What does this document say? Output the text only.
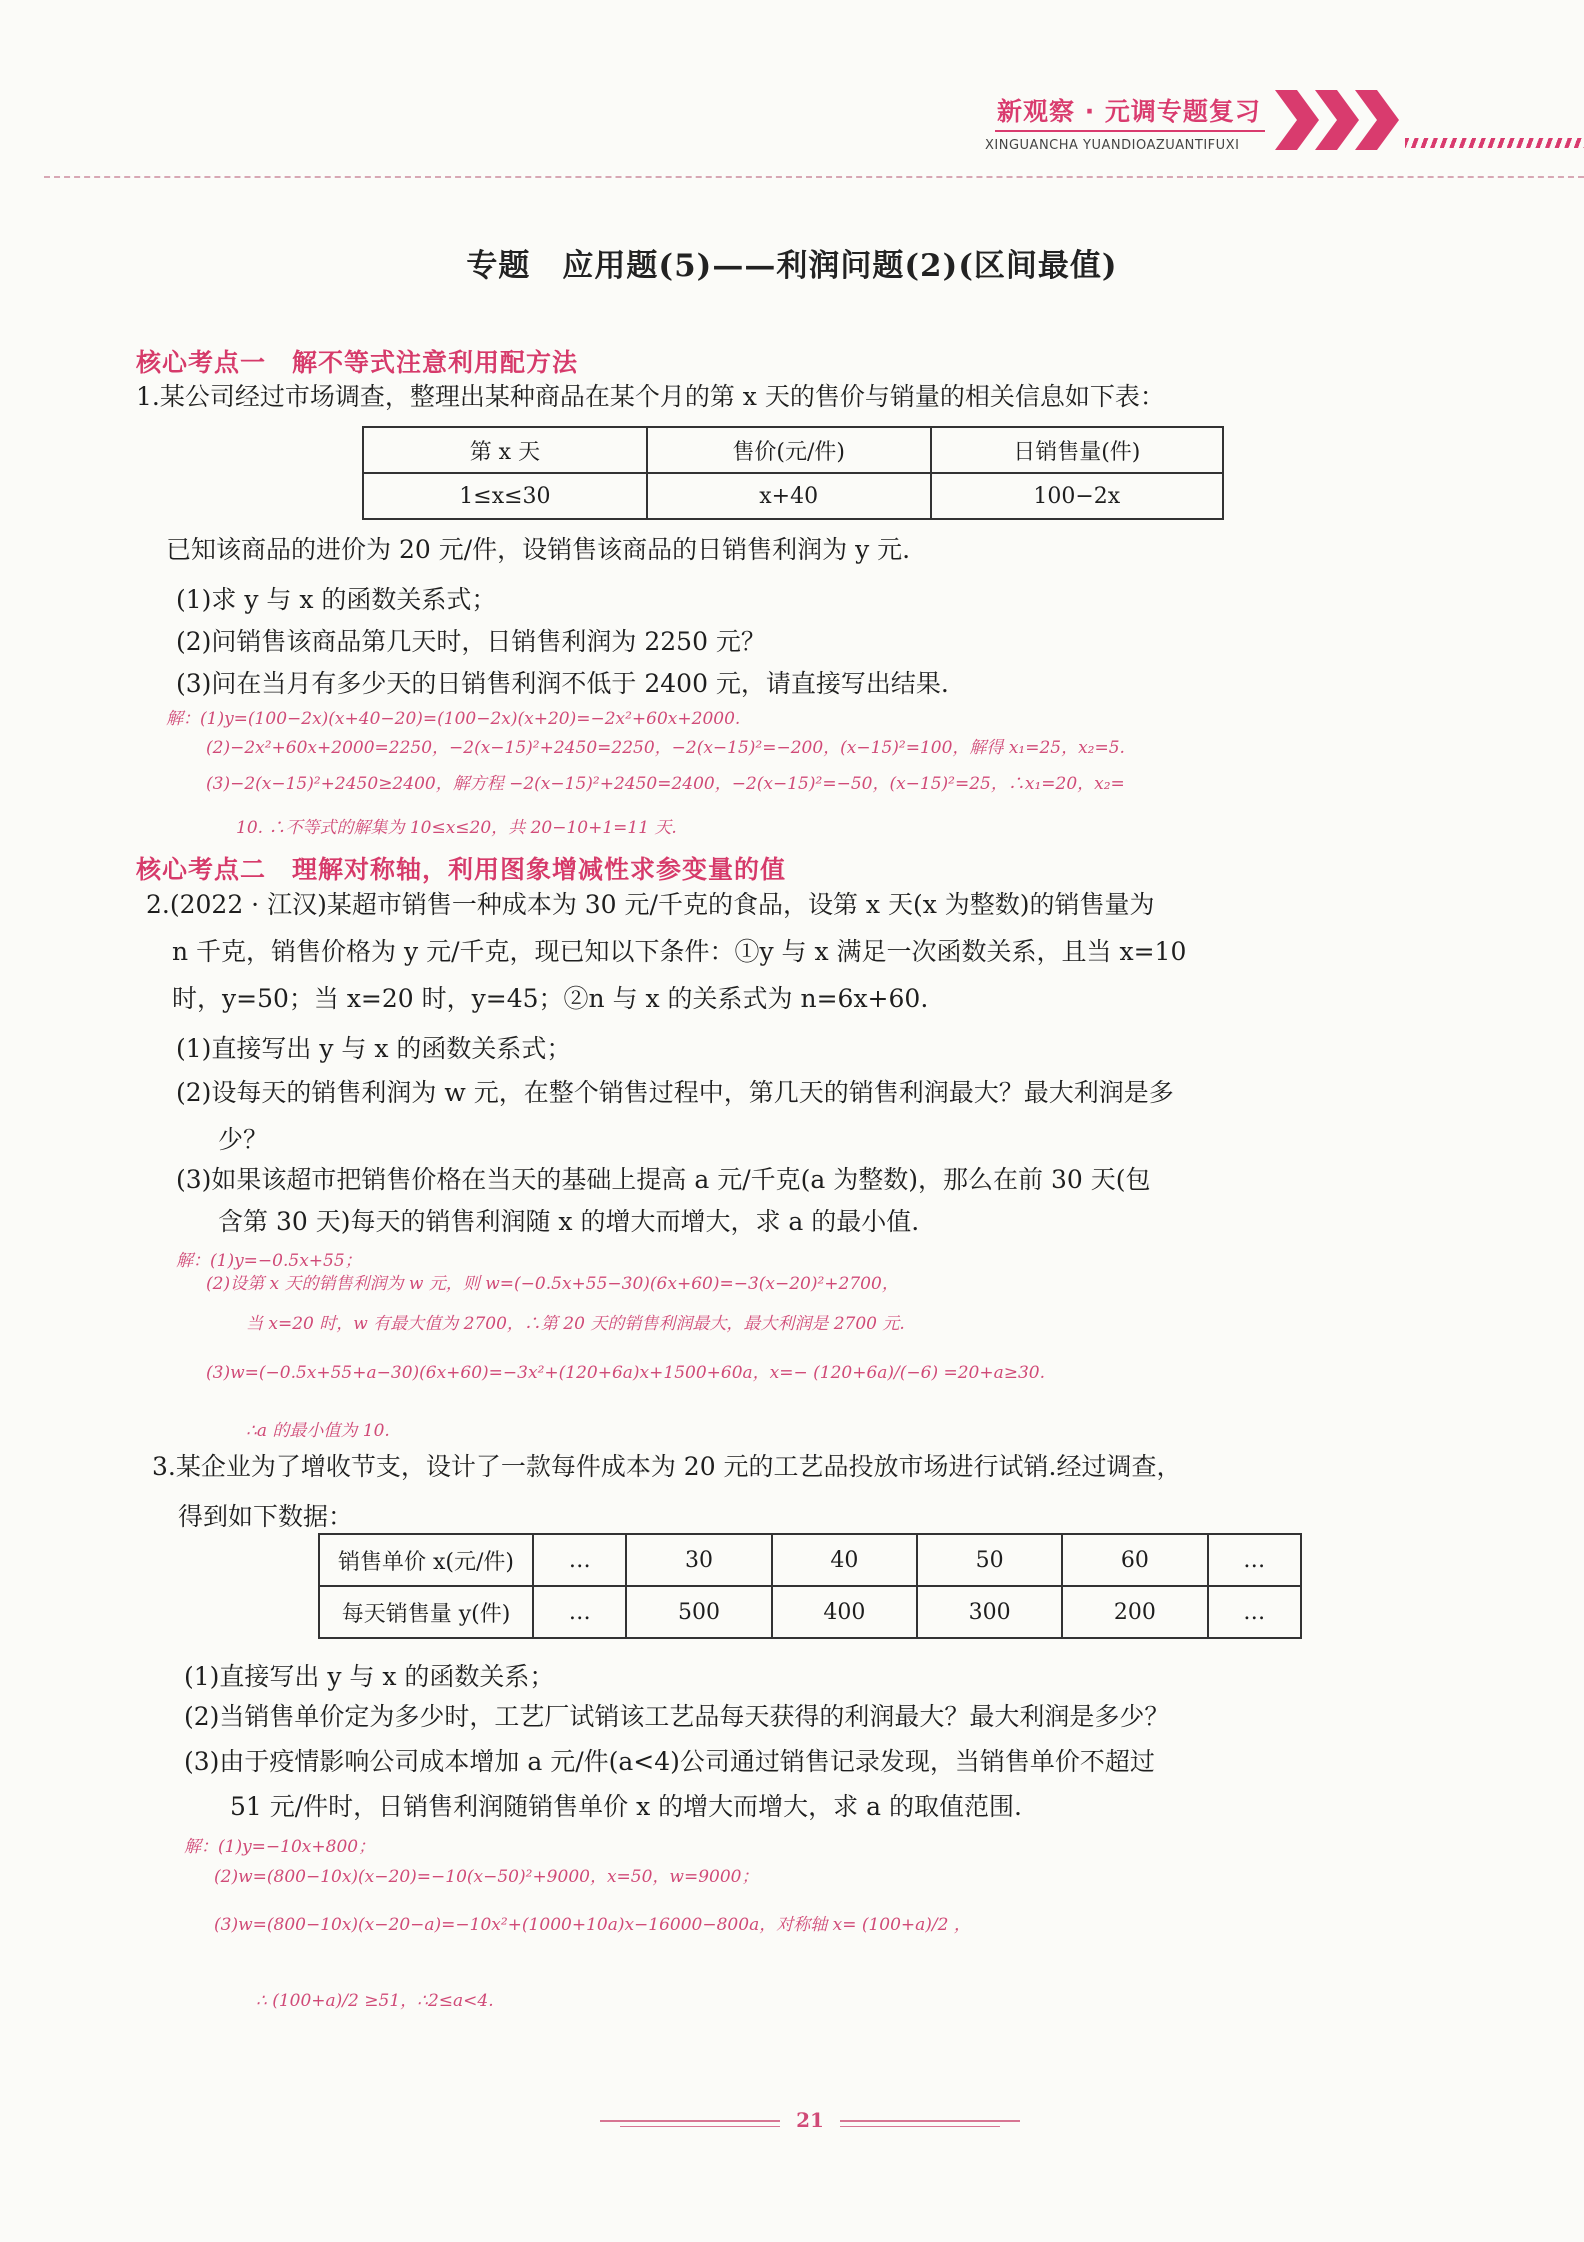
新观察 · 元调专题复习
XINGUANCHA YUANDIOAZUANTIFUXI
专题　应用题(5)——利润问题(2)(区间最值)
核心考点一　解不等式注意利用配方法
1.某公司经过市场调查，整理出某种商品在某个月的第 x 天的售价与销量的相关信息如下表：
第 x 天	售价(元/件)	日销售量(件)
1≤x≤30	x+40	100−2x
已知该商品的进价为 20 元/件，设销售该商品的日销售利润为 y 元.
(1)求 y 与 x 的函数关系式；
(2)问销售该商品第几天时，日销售利润为 2250 元？
(3)问在当月有多少天的日销售利润不低于 2400 元，请直接写出结果.
解：(1)y=(100−2x)(x+40−20)=(100−2x)(x+20)=−2x²+60x+2000.
(2)−2x²+60x+2000=2250，−2(x−15)²+2450=2250，−2(x−15)²=−200，(x−15)²=100，解得 x₁=25，x₂=5.
(3)−2(x−15)²+2450≥2400，解方程 −2(x−15)²+2450=2400，−2(x−15)²=−50，(x−15)²=25，∴x₁=20，x₂=
10. ∴不等式的解集为 10≤x≤20，共 20−10+1=11 天.
核心考点二　理解对称轴，利用图象增减性求参变量的值
2.(2022 · 江汉)某超市销售一种成本为 30 元/千克的食品，设第 x 天(x 为整数)的销售量为
n 千克，销售价格为 y 元/千克，现已知以下条件：①y 与 x 满足一次函数关系，且当 x=10
时，y=50；当 x=20 时，y=45；②n 与 x 的关系式为 n=6x+60.
(1)直接写出 y 与 x 的函数关系式；
(2)设每天的销售利润为 w 元，在整个销售过程中，第几天的销售利润最大？最大利润是多
少？
(3)如果该超市把销售价格在当天的基础上提高 a 元/千克(a 为整数)，那么在前 30 天(包
含第 30 天)每天的销售利润随 x 的增大而增大，求 a 的最小值.
解：(1)y=−0.5x+55；
(2)设第 x 天的销售利润为 w 元，则 w=(−0.5x+55−30)(6x+60)=−3(x−20)²+2700，
当 x=20 时，w 有最大值为 2700，∴第 20 天的销售利润最大，最大利润是 2700 元.
(3)w=(−0.5x+55+a−30)(6x+60)=−3x²+(120+6a)x+1500+60a，x=− (120+6a)/(−6) =20+a≥30.
∴a 的最小值为 10.
3.某企业为了增收节支，设计了一款每件成本为 20 元的工艺品投放市场进行试销.经过调查，
得到如下数据：
销售单价 x(元/件)	…	30	40	50	60	…
每天销售量 y(件)	…	500	400	300	200	…
(1)直接写出 y 与 x 的函数关系；
(2)当销售单价定为多少时，工艺厂试销该工艺品每天获得的利润最大？最大利润是多少？
(3)由于疫情影响公司成本增加 a 元/件(a<4)公司通过销售记录发现，当销售单价不超过
51 元/件时，日销售利润随销售单价 x 的增大而增大，求 a 的取值范围.
解：(1)y=−10x+800；
(2)w=(800−10x)(x−20)=−10(x−50)²+9000，x=50，w=9000；
(3)w=(800−10x)(x−20−a)=−10x²+(1000+10a)x−16000−800a，对称轴 x= (100+a)/2 ，
∴ (100+a)/2 ≥51，∴2≤a<4.
21
